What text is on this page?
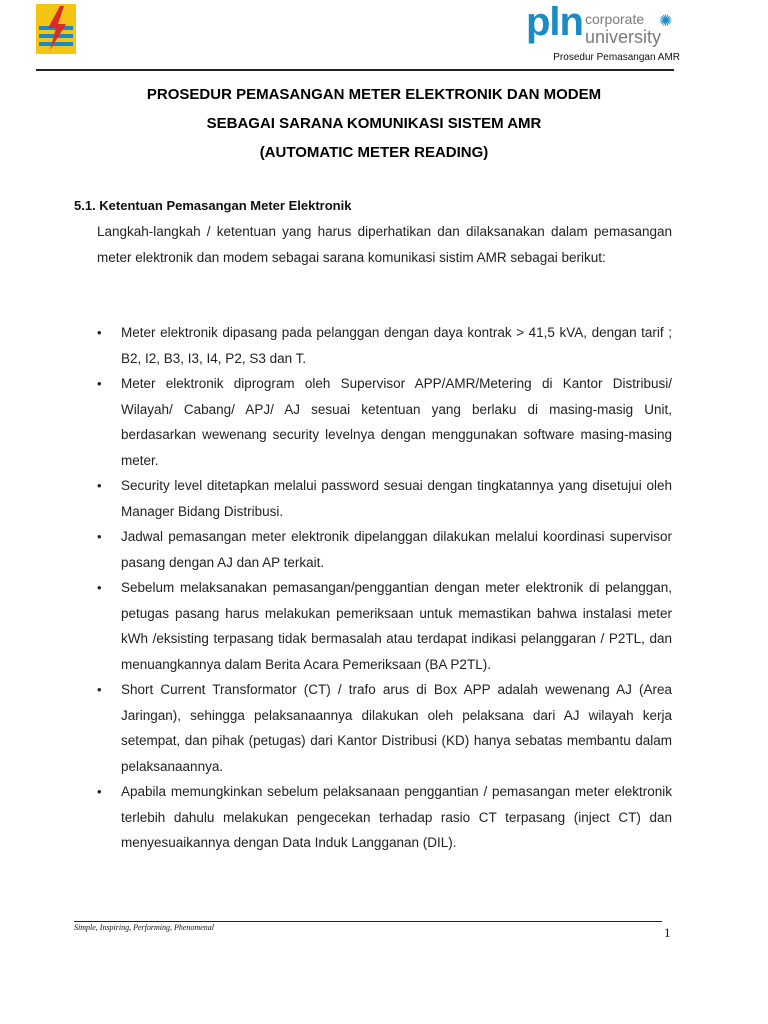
pln corporate
university
✺
Prosedur Pemasangan AMR
PROSEDUR PEMASANGAN METER ELEKTRONIK DAN MODEM
SEBAGAI SARANA KOMUNIKASI SISTEM AMR
(AUTOMATIC METER READING)
5.1. Ketentuan Pemasangan Meter Elektronik
Langkah-langkah / ketentuan yang harus diperhatikan dan dilaksanakan dalam pemasangan meter elektronik dan modem sebagai sarana komunikasi sistim AMR sebagai berikut:
• Meter elektronik dipasang pada pelanggan dengan daya kontrak > 41,5 kVA, dengan tarif ; B2, I2, B3, I3, I4, P2, S3 dan T.
• Meter elektronik diprogram oleh Supervisor APP/AMR/Metering di Kantor Distribusi/ Wilayah/ Cabang/ APJ/ AJ sesuai ketentuan yang berlaku di masing-masig Unit, berdasarkan wewenang security levelnya dengan menggunakan software masing-masing meter.
• Security level ditetapkan melalui password sesuai dengan tingkatannya yang disetujui oleh Manager Bidang Distribusi.
• Jadwal pemasangan meter elektronik dipelanggan dilakukan melalui koordinasi supervisor pasang dengan AJ dan AP terkait.
• Sebelum melaksanakan pemasangan/penggantian dengan meter elektronik di pelanggan, petugas pasang harus melakukan pemeriksaan untuk memastikan bahwa instalasi meter kWh /eksisting terpasang tidak bermasalah atau terdapat indikasi pelanggaran / P2TL, dan menuangkannya dalam Berita Acara Pemeriksaan (BA P2TL).
• Short Current Transformator (CT) / trafo arus di Box APP adalah wewenang AJ (Area Jaringan), sehingga pelaksanaannya dilakukan oleh pelaksana dari AJ wilayah kerja setempat, dan pihak (petugas) dari Kantor Distribusi (KD) hanya sebatas membantu dalam pelaksanaannya.
• Apabila memungkinkan sebelum pelaksanaan penggantian / pemasangan meter elektronik terlebih dahulu melakukan pengecekan terhadap rasio CT terpasang (inject CT) dan menyesuaikannya dengan Data Induk Langganan (DIL).
Simple, Inspiring, Performing, Phenomenal	1
